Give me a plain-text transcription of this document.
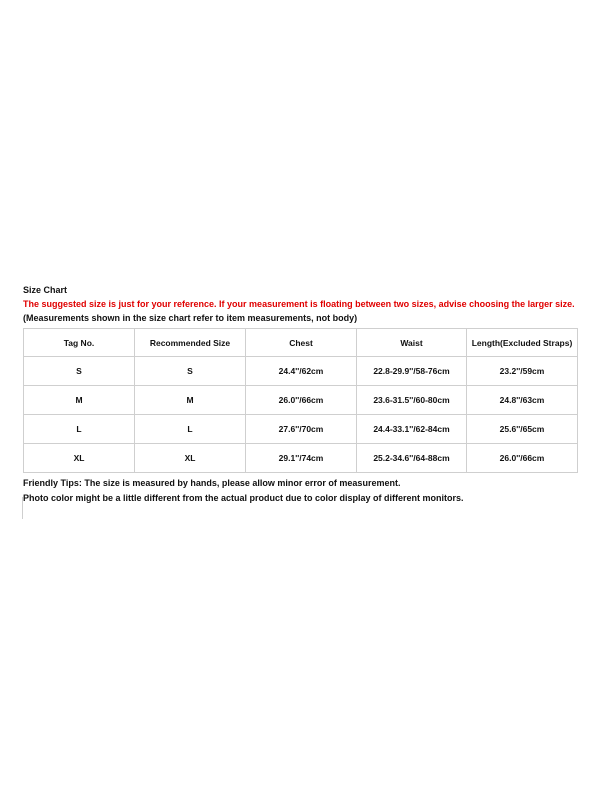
Size Chart
The suggested size is just for your reference. If your measurement is floating between two sizes, advise choosing the larger size.
(Measurements shown in the size chart refer to item measurements, not body)
Tag No.	Recommended Size	Chest	Waist	Length(Excluded Straps)
S	S	24.4''/62cm	22.8-29.9''/58-76cm	23.2''/59cm
M	M	26.0''/66cm	23.6-31.5''/60-80cm	24.8''/63cm
L	L	27.6''/70cm	24.4-33.1''/62-84cm	25.6''/65cm
XL	XL	29.1''/74cm	25.2-34.6''/64-88cm	26.0''/66cm
Friendly Tips: The size is measured by hands, please allow minor error of measurement.
Photo color might be a little different from the actual product due to color display of different monitors.
